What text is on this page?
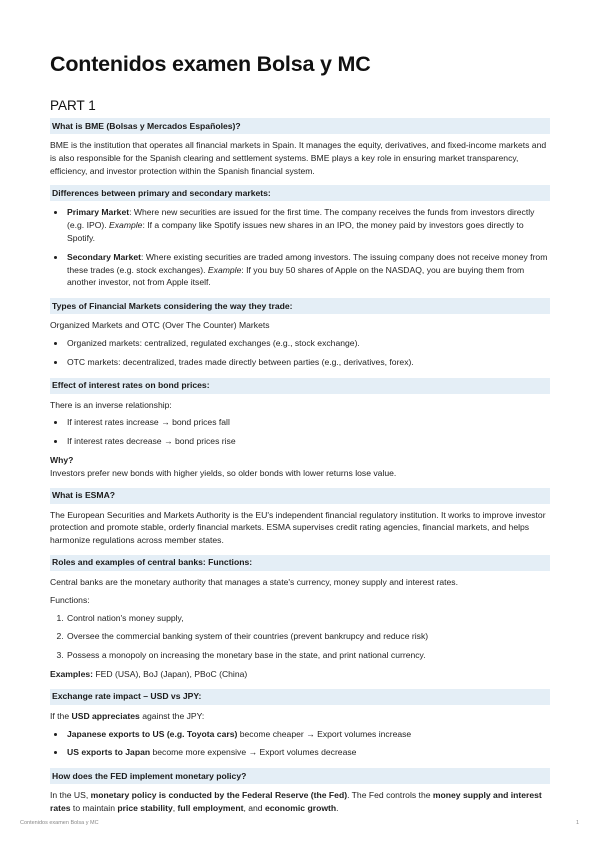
Contenidos examen Bolsa y MC
PART 1
What is BME (Bolsas y Mercados Españoles)?

BME is the institution that operates all financial markets in Spain. It manages the equity, derivatives, and fixed-income markets and is also responsible for the Spanish clearing and settlement systems. BME plays a key role in ensuring market transparency, efficiency, and investor protection within the Spanish financial system.

Differences between primary and secondary markets:
• Primary Market: Where new securities are issued for the first time. The company receives the funds from investors directly (e.g. IPO). Example: If a company like Spotify issues new shares in an IPO, the money paid by investors goes directly to Spotify.
• Secondary Market: Where existing securities are traded among investors. The issuing company does not receive money from these trades (e.g. stock exchanges). Example: If you buy 50 shares of Apple on the NASDAQ, you are buying them from another investor, not from Apple itself.
Types of Financial Markets considering the way they trade:

Organized Markets and OTC (Over The Counter) Markets

• Organized markets: centralized, regulated exchanges (e.g., stock exchange).
• OTC markets: decentralized, trades made directly between parties (e.g., derivatives, forex).
Effect of interest rates on bond prices:

There is an inverse relationship:

• If interest rates increase → bond prices fall
• If interest rates decrease → bond prices rise

Why?

Investors prefer new bonds with higher yields, so older bonds with lower returns lose value.

What is ESMA?

The European Securities and Markets Authority is the EU's independent financial regulatory institution. It works to improve investor protection and promote stable, orderly financial markets. ESMA supervises credit rating agencies, financial markets, and helps harmonize regulations across member states.

Roles and examples of central banks: Functions:

Central banks are the monetary authority that manages a state's currency, money supply and interest rates.

Functions:

1. Control nation's money supply,
2. Oversee the commercial banking system of their countries (prevent bankrupcy and reduce risk)
3. Possess a monopoly on increasing the monetary base in the state, and print national currency.

Examples: FED (USA), BoJ (Japan), PBoC (China)

Exchange rate impact – USD vs JPY:

If the USD appreciates against the JPY:

• Japanese exports to US (e.g. Toyota cars) become cheaper → Export volumes increase
• US exports to Japan become more expensive → Export volumes decrease
How does the FED implement monetary policy?

In the US, monetary policy is conducted by the Federal Reserve (the Fed). The Fed controls the money supply and interest rates to maintain price stability, full employment, and economic growth.

Contenidos examen Bolsa y MC	1
